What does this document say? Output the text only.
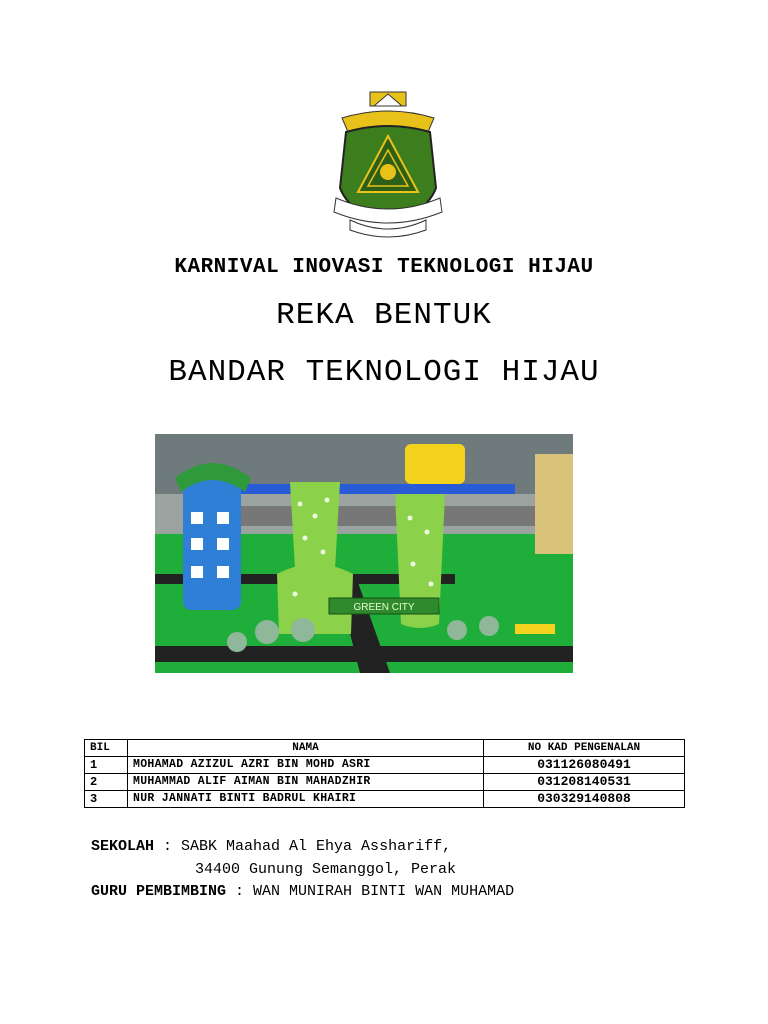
KARNIVAL INOVASI TEKNOLOGI HIJAU
REKA BENTUK
BANDAR TEKNOLOGI HIJAU
GREEN CITY
BIL	NAMA	NO KAD PENGENALAN
1	MOHAMAD AZIZUL AZRI BIN MOHD ASRI	031126080491
2	MUHAMMAD ALIF AIMAN BIN MAHADZHIR	031208140531
3	NUR JANNATI BINTI BADRUL KHAIRI	030329140808
SEKOLAH : SABK Maahad Al Ehya Asshariff,
34400 Gunung Semanggol, Perak
GURU PEMBIMBING : WAN MUNIRAH BINTI WAN MUHAMAD
